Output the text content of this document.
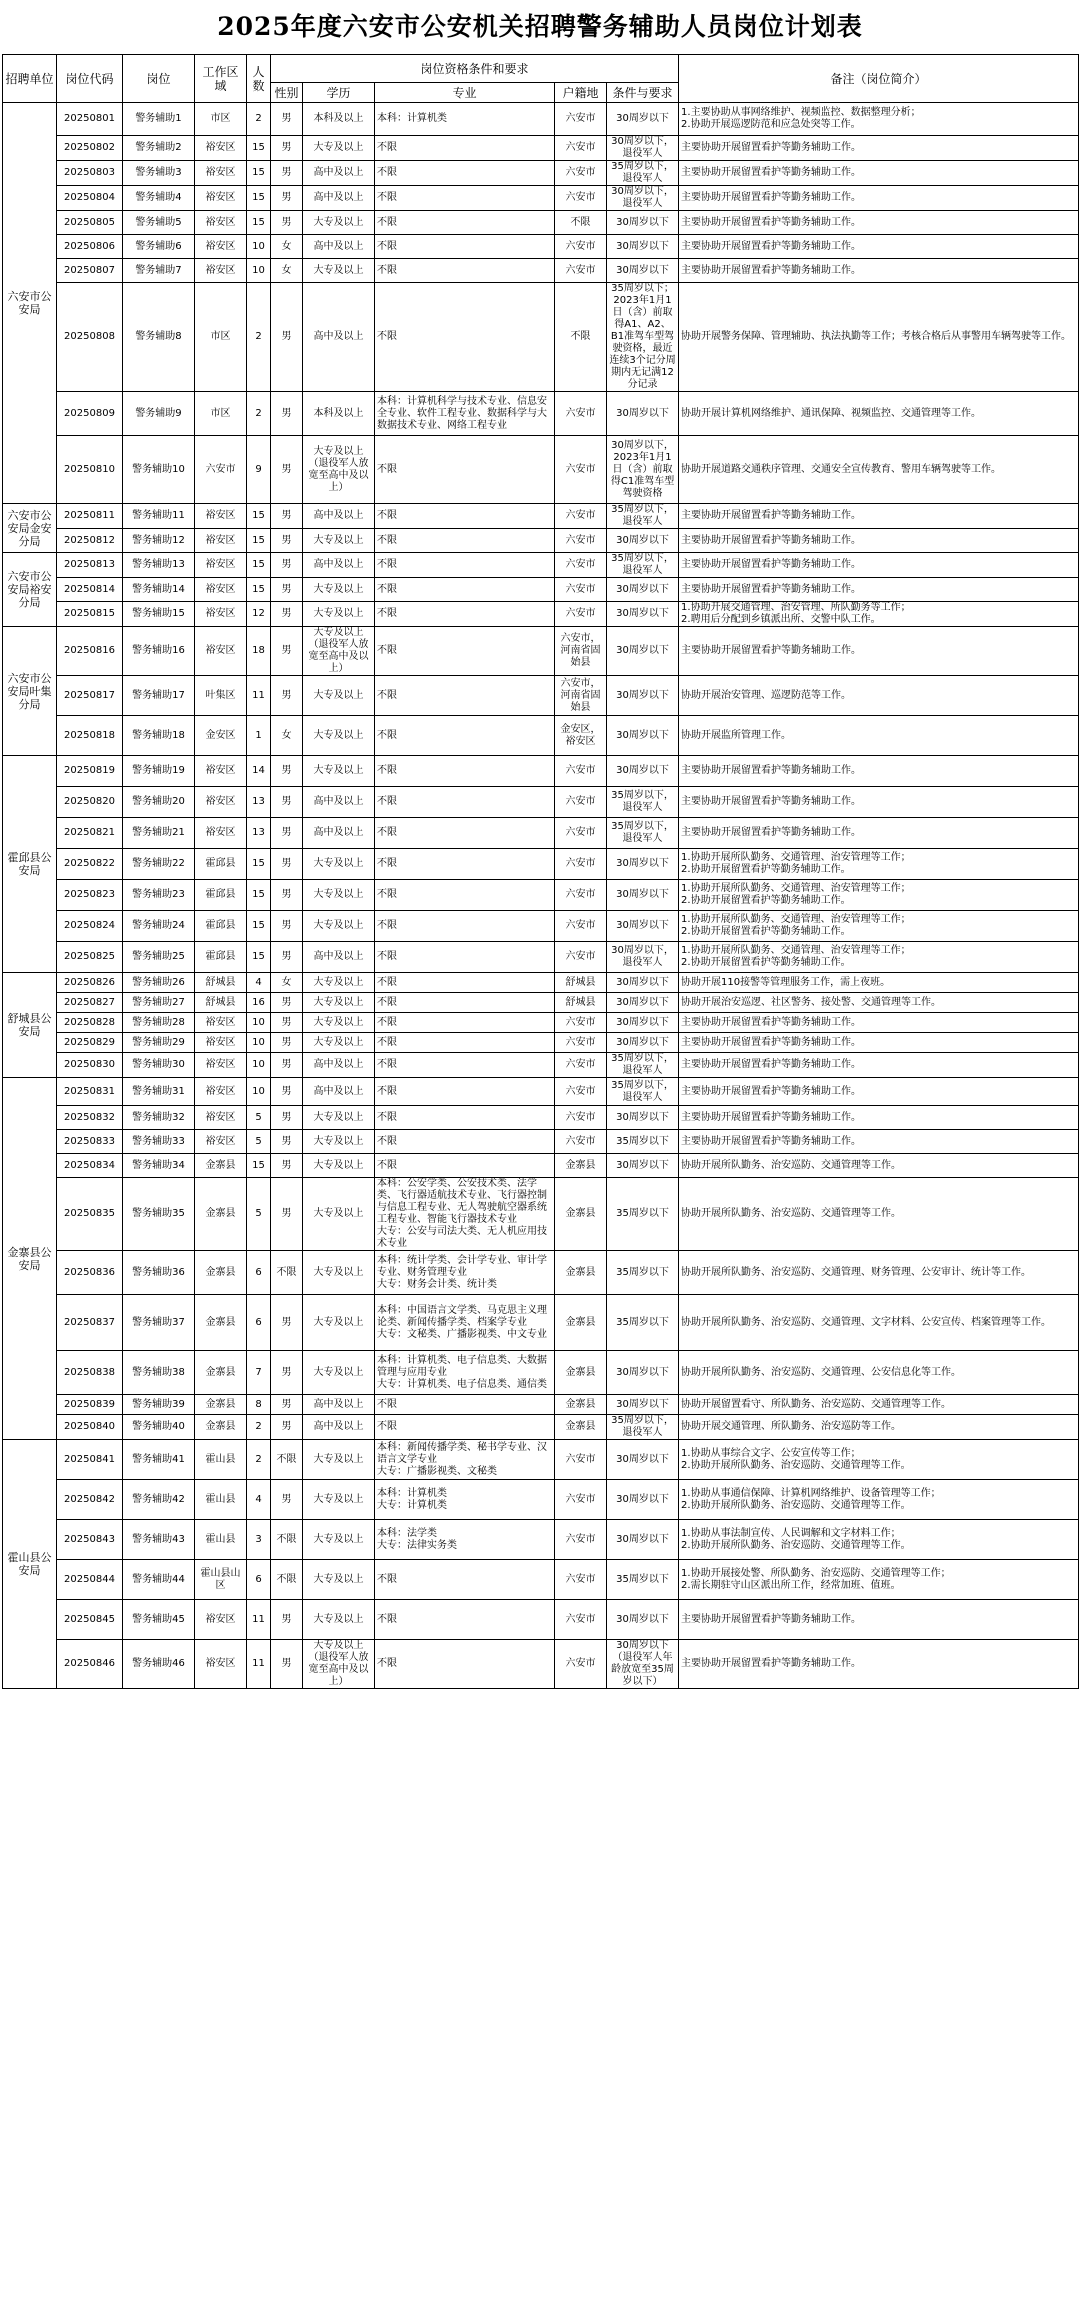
2025年度六安市公安机关招聘警务辅助人员岗位计划表
招聘单位	岗位代码	岗位	工作区域	人数	岗位资格条件和要求					备注（岗位简介）
					性别	学历	专业	户籍地	条件与要求	
六安市公安局	20250801	警务辅助1	市区	2	男	本科及以上	本科：计算机类	六安市	30周岁以下	1.主要协助从事网络维护、视频监控、数据整理分析；
2.协助开展巡逻防范和应急处突等工作。
	20250802	警务辅助2	裕安区	15	男	大专及以上	不限	六安市	30周岁以下，
退役军人	主要协助开展留置看护等勤务辅助工作。
	20250803	警务辅助3	裕安区	15	男	高中及以上	不限	六安市	35周岁以下，
退役军人	主要协助开展留置看护等勤务辅助工作。
	20250804	警务辅助4	裕安区	15	男	高中及以上	不限	六安市	30周岁以下，
退役军人	主要协助开展留置看护等勤务辅助工作。
	20250805	警务辅助5	裕安区	15	男	大专及以上	不限	不限	30周岁以下	主要协助开展留置看护等勤务辅助工作。
	20250806	警务辅助6	裕安区	10	女	高中及以上	不限	六安市	30周岁以下	主要协助开展留置看护等勤务辅助工作。
	20250807	警务辅助7	裕安区	10	女	大专及以上	不限	六安市	30周岁以下	主要协助开展留置看护等勤务辅助工作。
	20250808	警务辅助8	市区	2	男	高中及以上	不限	不限	35周岁以下；2023年1月1日（含）前取得A1、A2、B1准驾车型驾驶资格，最近连续3个记分周期内无记满12分记录	协助开展警务保障、管理辅助、执法执勤等工作；考核合格后从事警用车辆驾驶等工作。
	20250809	警务辅助9	市区	2	男	本科及以上	本科：计算机科学与技术专业、信息安全专业、软件工程专业、数据科学与大数据技术专业、网络工程专业	六安市	30周岁以下	协助开展计算机网络维护、通讯保障、视频监控、交通管理等工作。
	20250810	警务辅助10	六安市	9	男	大专及以上
（退役军人放宽至高中及以上）	不限	六安市	30周岁以下，2023年1月1日（含）前取得C1准驾车型驾驶资格	协助开展道路交通秩序管理、交通安全宣传教育、警用车辆驾驶等工作。
六安市公安局金安分局	20250811	警务辅助11	裕安区	15	男	高中及以上	不限	六安市	35周岁以下，
退役军人	主要协助开展留置看护等勤务辅助工作。
	20250812	警务辅助12	裕安区	15	男	大专及以上	不限	六安市	30周岁以下	主要协助开展留置看护等勤务辅助工作。
六安市公安局裕安分局	20250813	警务辅助13	裕安区	15	男	高中及以上	不限	六安市	35周岁以下，
退役军人	主要协助开展留置看护等勤务辅助工作。
	20250814	警务辅助14	裕安区	15	男	大专及以上	不限	六安市	30周岁以下	主要协助开展留置看护等勤务辅助工作。
	20250815	警务辅助15	裕安区	12	男	大专及以上	不限	六安市	30周岁以下	1.协助开展交通管理、治安管理、所队勤务等工作；
2.聘用后分配到乡镇派出所、交警中队工作。
六安市公安局叶集分局	20250816	警务辅助16	裕安区	18	男	大专及以上
（退役军人放宽至高中及以上）	不限	六安市，
河南省固始县	30周岁以下	主要协助开展留置看护等勤务辅助工作。
	20250817	警务辅助17	叶集区	11	男	大专及以上	不限	六安市，
河南省固始县	30周岁以下	协助开展治安管理、巡逻防范等工作。
	20250818	警务辅助18	金安区	1	女	大专及以上	不限	金安区，
裕安区	30周岁以下	协助开展监所管理工作。
霍邱县公安局	20250819	警务辅助19	裕安区	14	男	大专及以上	不限	六安市	30周岁以下	主要协助开展留置看护等勤务辅助工作。
	20250820	警务辅助20	裕安区	13	男	高中及以上	不限	六安市	35周岁以下，
退役军人	主要协助开展留置看护等勤务辅助工作。
	20250821	警务辅助21	裕安区	13	男	高中及以上	不限	六安市	35周岁以下，
退役军人	主要协助开展留置看护等勤务辅助工作。
	20250822	警务辅助22	霍邱县	15	男	大专及以上	不限	六安市	30周岁以下	1.协助开展所队勤务、交通管理、治安管理等工作；
2.协助开展留置看护等勤务辅助工作。
	20250823	警务辅助23	霍邱县	15	男	大专及以上	不限	六安市	30周岁以下	1.协助开展所队勤务、交通管理、治安管理等工作；
2.协助开展留置看护等勤务辅助工作。
	20250824	警务辅助24	霍邱县	15	男	大专及以上	不限	六安市	30周岁以下	1.协助开展所队勤务、交通管理、治安管理等工作；
2.协助开展留置看护等勤务辅助工作。
	20250825	警务辅助25	霍邱县	15	男	高中及以上	不限	六安市	30周岁以下，
退役军人	1.协助开展所队勤务、交通管理、治安管理等工作；
2.协助开展留置看护等勤务辅助工作。
舒城县公安局	20250826	警务辅助26	舒城县	4	女	大专及以上	不限	舒城县	30周岁以下	协助开展110接警等管理服务工作，需上夜班。
	20250827	警务辅助27	舒城县	16	男	大专及以上	不限	舒城县	30周岁以下	协助开展治安巡逻、社区警务、接处警、交通管理等工作。
	20250828	警务辅助28	裕安区	10	男	大专及以上	不限	六安市	30周岁以下	主要协助开展留置看护等勤务辅助工作。
	20250829	警务辅助29	裕安区	10	男	大专及以上	不限	六安市	30周岁以下	主要协助开展留置看护等勤务辅助工作。
	20250830	警务辅助30	裕安区	10	男	高中及以上	不限	六安市	35周岁以下，
退役军人	主要协助开展留置看护等勤务辅助工作。
金寨县公安局	20250831	警务辅助31	裕安区	10	男	高中及以上	不限	六安市	35周岁以下，
退役军人	主要协助开展留置看护等勤务辅助工作。
	20250832	警务辅助32	裕安区	5	男	大专及以上	不限	六安市	30周岁以下	主要协助开展留置看护等勤务辅助工作。
	20250833	警务辅助33	裕安区	5	男	大专及以上	不限	六安市	35周岁以下	主要协助开展留置看护等勤务辅助工作。
	20250834	警务辅助34	金寨县	15	男	大专及以上	不限	金寨县	30周岁以下	协助开展所队勤务、治安巡防、交通管理等工作。
	20250835	警务辅助35	金寨县	5	男	大专及以上	本科：公安学类、公安技术类、法学类、飞行器适航技术专业、飞行器控制与信息工程专业、无人驾驶航空器系统工程专业、智能飞行器技术专业
大专：公安与司法大类、无人机应用技术专业	金寨县	35周岁以下	协助开展所队勤务、治安巡防、交通管理等工作。
	20250836	警务辅助36	金寨县	6	不限	大专及以上	本科：统计学类、会计学专业、审计学专业、财务管理专业
大专：财务会计类、统计类	金寨县	35周岁以下	协助开展所队勤务、治安巡防、交通管理、财务管理、公安审计、统计等工作。
	20250837	警务辅助37	金寨县	6	男	大专及以上	本科：中国语言文学类、马克思主义理论类、新闻传播学类、档案学专业
大专：文秘类、广播影视类、中文专业	金寨县	35周岁以下	协助开展所队勤务、治安巡防、交通管理、文字材料、公安宣传、档案管理等工作。
	20250838	警务辅助38	金寨县	7	男	大专及以上	本科：计算机类、电子信息类、大数据管理与应用专业
大专：计算机类、电子信息类、通信类	金寨县	30周岁以下	协助开展所队勤务、治安巡防、交通管理、公安信息化等工作。
	20250839	警务辅助39	金寨县	8	男	高中及以上	不限	金寨县	30周岁以下	协助开展留置看守、所队勤务、治安巡防、交通管理等工作。
	20250840	警务辅助40	金寨县	2	男	高中及以上	不限	金寨县	35周岁以下，
退役军人	协助开展交通管理、所队勤务、治安巡防等工作。
霍山县公安局	20250841	警务辅助41	霍山县	2	不限	大专及以上	本科：新闻传播学类、秘书学专业、汉语言文学专业
大专：广播影视类、文秘类	六安市	30周岁以下	1.协助从事综合文字、公安宣传等工作；
2.协助开展所队勤务、治安巡防、交通管理等工作。
	20250842	警务辅助42	霍山县	4	男	大专及以上	本科：计算机类
大专：计算机类	六安市	30周岁以下	1.协助从事通信保障、计算机网络维护、设备管理等工作；
2.协助开展所队勤务、治安巡防、交通管理等工作。
	20250843	警务辅助43	霍山县	3	不限	大专及以上	本科：法学类
大专：法律实务类	六安市	30周岁以下	1.协助从事法制宣传、人民调解和文字材料工作；
2.协助开展所队勤务、治安巡防、交通管理等工作。
	20250844	警务辅助44	霍山县山区	6	不限	大专及以上	不限	六安市	35周岁以下	1.协助开展接处警、所队勤务、治安巡防、交通管理等工作；
2.需长期驻守山区派出所工作，经常加班、值班。
	20250845	警务辅助45	裕安区	11	男	大专及以上	不限	六安市	30周岁以下	主要协助开展留置看护等勤务辅助工作。
	20250846	警务辅助46	裕安区	11	男	大专及以上
（退役军人放宽至高中及以上）	不限	六安市	30周岁以下
（退役军人年龄放宽至35周岁以下）	主要协助开展留置看护等勤务辅助工作。
